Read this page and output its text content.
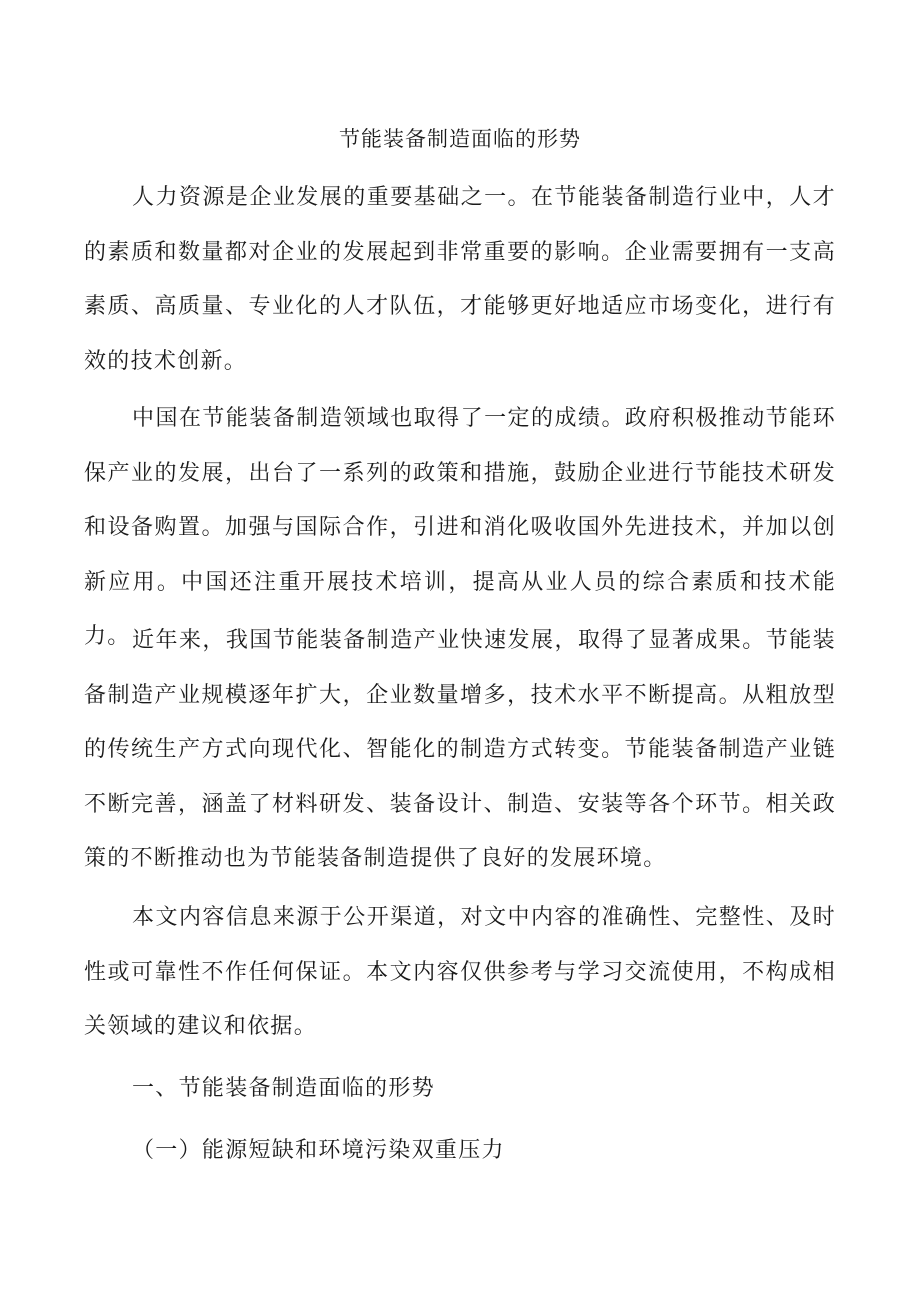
节能装备制造面临的形势

人力资源是企业发展的重要基础之一。在节能装备制造行业中，人才的素质和数量都对企业的发展起到非常重要的影响。企业需要拥有一支高素质、高质量、专业化的人才队伍，才能够更好地适应市场变化，进行有效的技术创新。

中国在节能装备制造领域也取得了一定的成绩。政府积极推动节能环保产业的发展，出台了一系列的政策和措施，鼓励企业进行节能技术研发和设备购置。加强与国际合作，引进和消化吸收国外先进技术，并加以创新应用。中国还注重开展技术培训，提高从业人员的综合素质和技术能力。 近年来，我国节能装备制造产业快速发展，取得了显著成果。节能装备制造产业规模逐年扩大，企业数量增多，技术水平不断提高。从粗放型的传统生产方式向现代化、智能化的制造方式转变。节能装备制造产业链不断完善，涵盖了材料研发、装备设计、制造、安装等各个环节。相关政策的不断推动也为节能装备制造提供了良好的发展环境。

本文内容信息来源于公开渠道，对文中内容的准确性、完整性、及时性或可靠性不作任何保证。本文内容仅供参考与学习交流使用，不构成相关领域的建议和依据。

一、节能装备制造面临的形势
（一）能源短缺和环境污染双重压力
